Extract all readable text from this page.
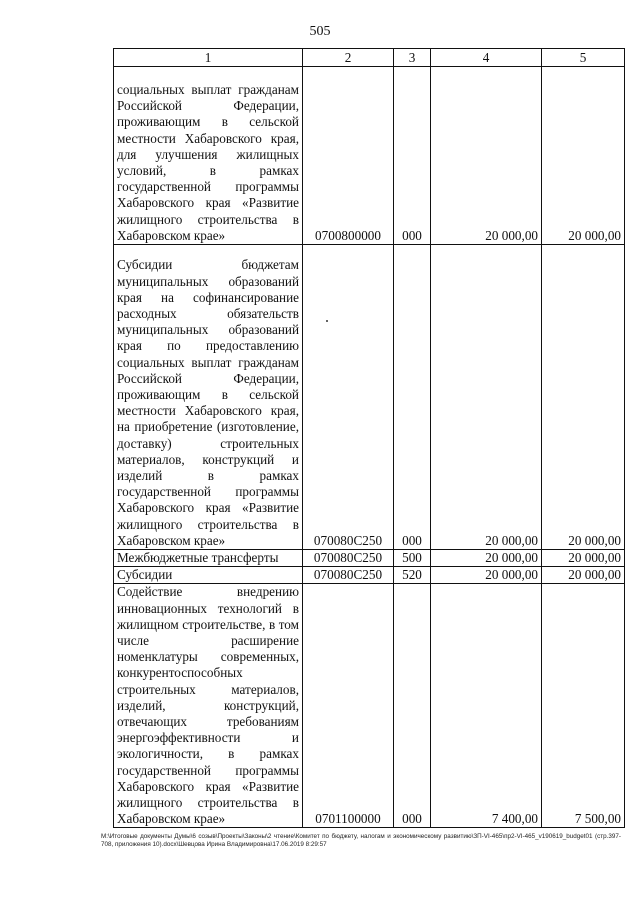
505
1	2	3	4	5
социальных выплат гражданам Российской Федерации, проживающим в сельской местности Хабаровского края, для улучшения жилищных условий, в рамках государственной программы Хабаровского края «Развитие жилищного строительства в Хабаровском крае»	0700800000	000	20 000,00	20 000,00
Субсидии бюджетам муниципальных образований края на софинансирование расходных обязательств муниципальных образований края по предоставлению социальных выплат гражданам Российской Федерации, проживающим в сельской местности Хабаровского края, на приобретение (изготовление, доставку) строительных материалов, конструкций и изделий в рамках государственной программы Хабаровского края «Развитие жилищного строительства в Хабаровском крае»	070080С250	000	20 000,00	20 000,00
Межбюджетные трансферты	070080С250	500	20 000,00	20 000,00
Субсидии	070080С250	520	20 000,00	20 000,00
Содействие внедрению инновационных технологий в жилищном строительстве, в том числе расширение номенклатуры современных, конкурентоспособных строительных материалов, изделий, конструкций, отвечающих требованиям энергоэффективности и экологичности, в рамках государственной программы Хабаровского края «Развитие жилищного строительства в Хабаровском крае»	0701100000	000	7 400,00	7 500,00
М:\Итоговые документы Думы\6 созыв\Проекты\Законы\2 чтение\Комитет по бюджету, налогам и экономическому развитию\ЗП-VI-465\пр2-VI-465_v190619_budget01 (стр.397-708, приложения 10).docx\Шевцова Ирина Владимировна\17.06.2019 8:29:57
